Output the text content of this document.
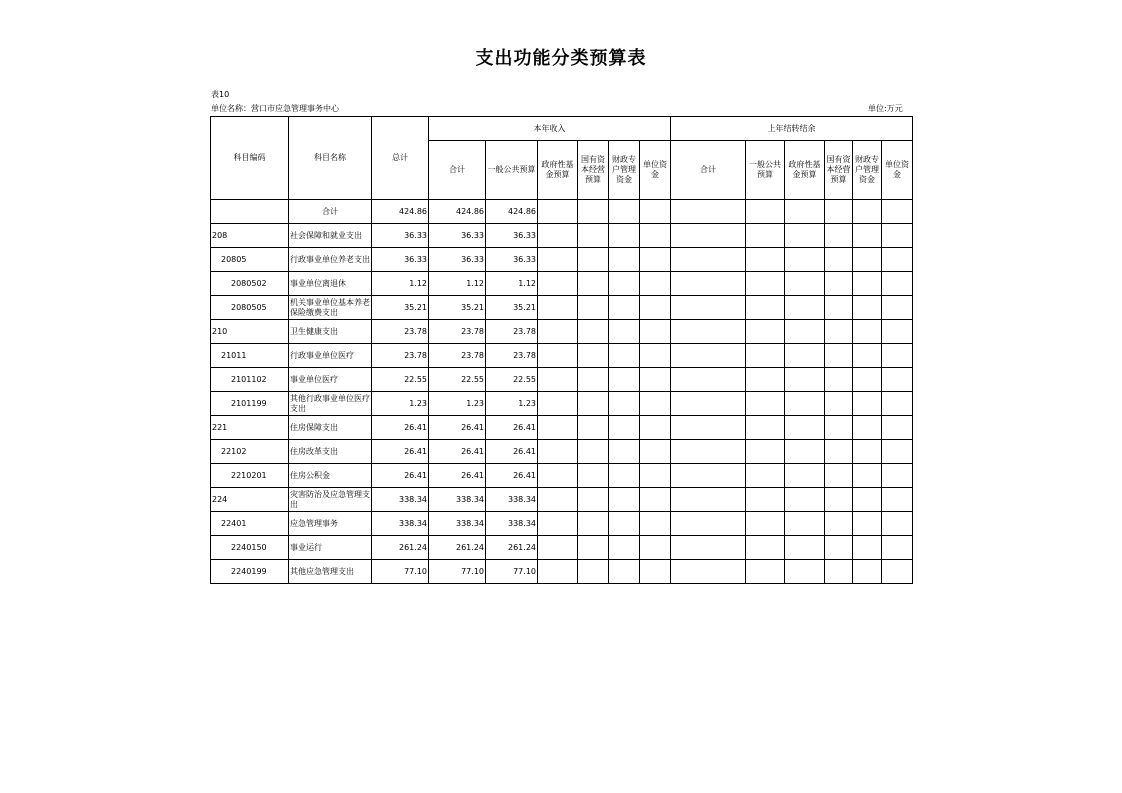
支出功能分类预算表
表10
单位名称：营口市应急管理事务中心	单位:万元
科目编码	科目名称	总计	本年收入						上年结转结余					
			合计	一般公共预算	政府性基金预算	国有资本经营预算	财政专户管理资金	单位资金	合计	一般公共预算	政府性基金预算	国有资本经营预算	财政专户管理资金	单位资金
	合计	424.86	424.86	424.86										
208	社会保障和就业支出	36.33	36.33	36.33										
20805	行政事业单位养老支出	36.33	36.33	36.33										
2080502	事业单位离退休	1.12	1.12	1.12										
2080505	机关事业单位基本养老保险缴费支出	35.21	35.21	35.21										
210	卫生健康支出	23.78	23.78	23.78										
21011	行政事业单位医疗	23.78	23.78	23.78										
2101102	事业单位医疗	22.55	22.55	22.55										
2101199	其他行政事业单位医疗支出	1.23	1.23	1.23										
221	住房保障支出	26.41	26.41	26.41										
22102	住房改革支出	26.41	26.41	26.41										
2210201	住房公积金	26.41	26.41	26.41										
224	灾害防治及应急管理支出	338.34	338.34	338.34										
22401	应急管理事务	338.34	338.34	338.34										
2240150	事业运行	261.24	261.24	261.24										
2240199	其他应急管理支出	77.10	77.10	77.10										
